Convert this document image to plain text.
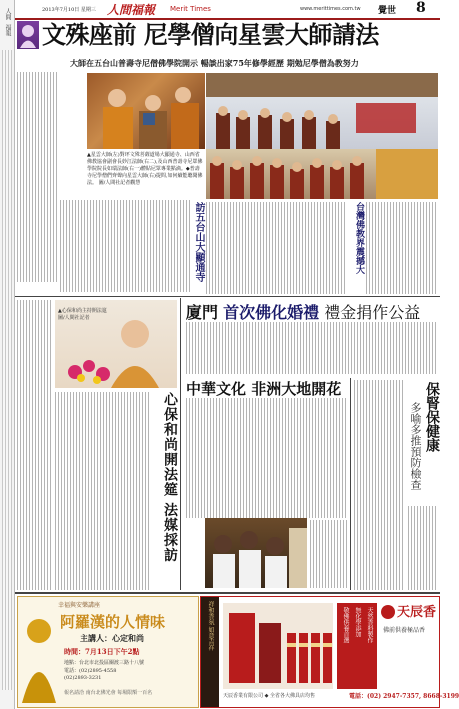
人間福報 Merit Times
2013年7月10日 星期三	www.merittimes.com.tw 覺世 8
人間
福報 文殊座前 尼學僧向星雲大師請法
大師在五台山普壽寺尼僧佛學院開示 暢談出家75年修學經歷 期勉尼學僧為教努力
▲星雲大師(左)對坪文殊菩薩道場大顯通寺、山西省佛教協會副會長妙江法師(右二),及山西普壽寺尼眾佛學院院長如瑞法師(右一)體貼尼眾專業點滴。◆普壽寺尼學僧們齊聲向星雲大師(右)提問,如何續能聽聞佛法。 圖/人間社記者觀慧
訪五台山大顯通寺	台灣佛教界震撼大
▲心保和尚主持開法筵 圖/人間社記者
心保和尚開法筵 法媒採訪
廈門 首次佛化婚禮 禮金捐作公益
中華文化 非洲大地開花	保腎保健康
多喻多推預防檢查
幸福與安樂講座
阿羅漢的人情味
主講人：心定和尚
時間：7月13日下午2點
地點：台北市北投區關渡三路十八號
電話：(02)2895-4558
(02)2893-3231
報名請洽 南台北佛光會 每場限額一百名
祥和香氛 如意吉祥	天然香料製作
無化學添加
敬佛供養首選	天辰香
佛前供養極品香
電話：(02) 2947-7357, 8668-3199
天辰香業有限公司 ◆ 全省各大佛具店均售
